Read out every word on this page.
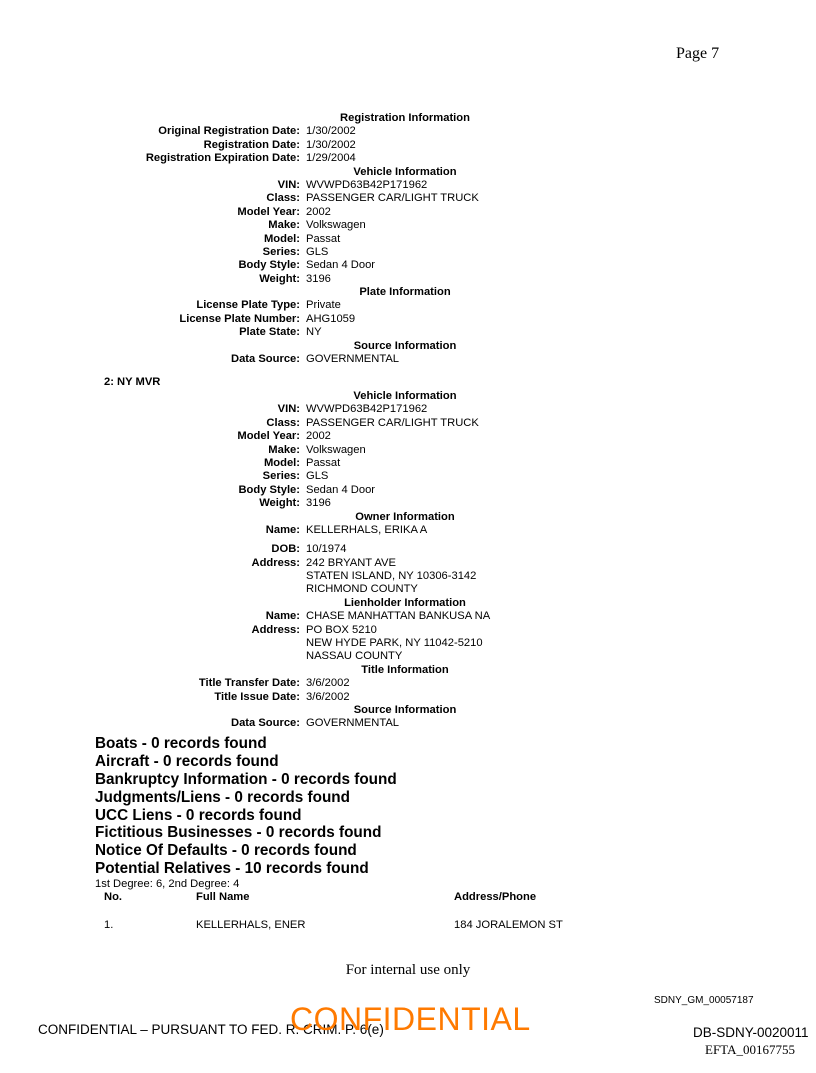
Page 7
Registration Information
Original Registration Date: 1/30/2002
Registration Date: 1/30/2002
Registration Expiration Date: 1/29/2004
Vehicle Information
VIN: WVWPD63B42P171962
Class: PASSENGER CAR/LIGHT TRUCK
Model Year: 2002
Make: Volkswagen
Model: Passat
Series: GLS
Body Style: Sedan 4 Door
Weight: 3196
Plate Information
License Plate Type: Private
License Plate Number: AHG1059
Plate State: NY
Source Information
Data Source: GOVERNMENTAL
2: NY MVR
Vehicle Information
VIN: WVWPD63B42P171962
Class: PASSENGER CAR/LIGHT TRUCK
Model Year: 2002
Make: Volkswagen
Model: Passat
Series: GLS
Body Style: Sedan 4 Door
Weight: 3196
Owner Information
Name: KELLERHALS, ERIKA A
DOB: 10/1974
Address: 242 BRYANT AVE
STATEN ISLAND, NY 10306-3142
RICHMOND COUNTY
Lienholder Information
Name: CHASE MANHATTAN BANKUSA NA
Address: PO BOX 5210
NEW HYDE PARK, NY 11042-5210
NASSAU COUNTY
Title Information
Title Transfer Date: 3/6/2002
Title Issue Date: 3/6/2002
Source Information
Data Source: GOVERNMENTAL
Boats - 0 records found
Aircraft - 0 records found
Bankruptcy Information - 0 records found
Judgments/Liens - 0 records found
UCC Liens - 0 records found
Fictitious Businesses - 0 records found
Notice Of Defaults - 0 records found
Potential Relatives - 10 records found
1st Degree: 6, 2nd Degree: 4
No.	Full Name	Address/Phone
1.	KELLERHALS, ENER	184 JORALEMON ST
For internal use only
SDNY_GM_00057187
CONFIDENTIAL – PURSUANT TO FED. R. CRIM. P. 6(e)
CONFIDENTIAL	DB-SDNY-0020011
EFTA_00167755
